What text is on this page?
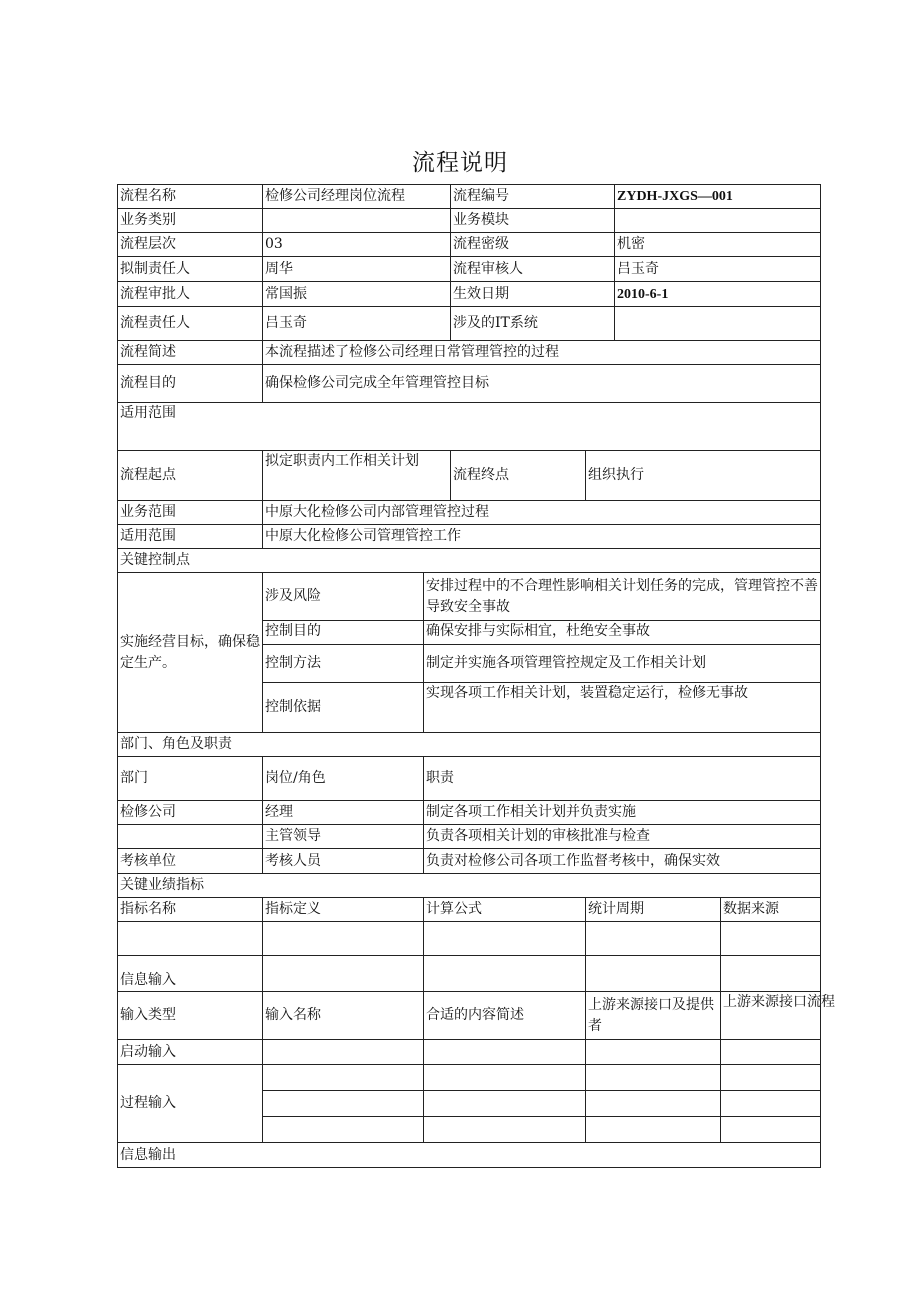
流程说明
流程名称	检修公司经理岗位流程		流程编号		ZYDH-JXGS—001	
业务类别			业务模块			
流程层次	03		流程密级		机密	
拟制责任人	周华		流程审核人		吕玉奇	
流程审批人	常国振		生效日期		2010-6-1	
流程责任人	吕玉奇		涉及的IT系统			
流程简述	本流程描述了检修公司经理日常管理管控的过程					
流程目的	确保检修公司完成全年管理管控目标					
适用范围						
流程起点	拟定职责内工作相关计划		流程终点	组织执行		
业务范围	中原大化检修公司内部管理管控过程					
适用范围	中原大化检修公司管理管控工作					
关键控制点						
实施经营目标，确保稳定生产。	涉及风险	安排过程中的不合理性影响相关计划任务的完成，管理管控不善导致安全事故				
	控制目的	确保安排与实际相宜，杜绝安全事故				
	控制方法	制定并实施各项管理管控规定及工作相关计划				
	控制依据	实现各项工作相关计划，装置稳定运行，检修无事故				
部门、角色及职责						
部门	岗位/角色	职责				
检修公司	经理	制定各项工作相关计划并负责实施				
	主管领导	负责各项相关计划的审核批准与检查				
考核单位	考核人员	负责对检修公司各项工作监督考核中，确保实效				
关键业绩指标						
指标名称	指标定义	计算公式		统计周期		数据来源

信息输入						
输入类型	输入名称	合适的内容简述		上游来源接口及提供者		上游来源接口流程
启动输入						
过程输入						

信息输出						
